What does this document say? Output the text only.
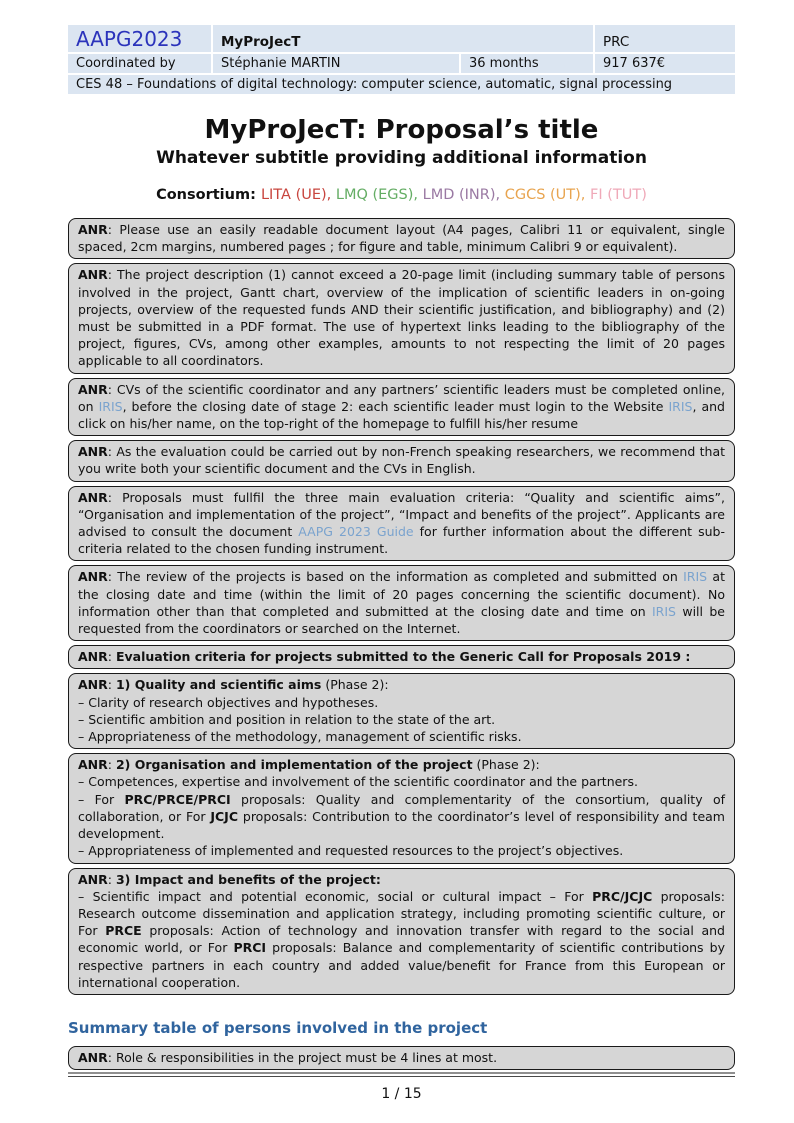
AAPG2023	MyProJecT	PRC
Coordinated by	Stéphanie MARTIN	36 months	917 637€
CES 48 – Foundations of digital technology: computer science, automatic, signal processing
MyProJecT: Proposal’s title
Whatever subtitle providing additional information
Consortium: LITA (UE), LMQ (EGS), LMD (INR), CGCS (UT), FI (TUT)
ANR: Please use an easily readable document layout (A4 pages, Calibri 11 or equivalent, single spaced, 2cm margins, numbered pages ; for figure and table, minimum Calibri 9 or equivalent).
ANR: The project description (1) cannot exceed a 20-page limit (including summary table of persons involved in the project, Gantt chart, overview of the implication of scientific leaders in on-going projects, overview of the requested funds AND their scientific justification, and bibliography) and (2) must be submitted in a PDF format. The use of hypertext links leading to the bibliography of the project, figures, CVs, among other examples, amounts to not respecting the limit of 20 pages applicable to all coordinators.
ANR: CVs of the scientific coordinator and any partners’ scientific leaders must be completed online, on IRIS, before the closing date of stage 2: each scientific leader must login to the Website IRIS, and click on his/her name, on the top-right of the homepage to fulfill his/her resume
ANR: As the evaluation could be carried out by non-French speaking researchers, we recommend that you write both your scientific document and the CVs in English.
ANR: Proposals must fullfil the three main evaluation criteria: “Quality and scientific aims”, “Organisation and implementation of the project”, “Impact and benefits of the project”. Applicants are advised to consult the document AAPG 2023 Guide for further information about the different sub-criteria related to the chosen funding instrument.
ANR: The review of the projects is based on the information as completed and submitted on IRIS at the closing date and time (within the limit of 20 pages concerning the scientific document). No information other than that completed and submitted at the closing date and time on IRIS will be requested from the coordinators or searched on the Internet.
ANR: Evaluation criteria for projects submitted to the Generic Call for Proposals 2019 :
ANR: 1) Quality and scientific aims (Phase 2):
– Clarity of research objectives and hypotheses.
– Scientific ambition and position in relation to the state of the art.
– Appropriateness of the methodology, management of scientific risks.
ANR: 2) Organisation and implementation of the project (Phase 2):
– Competences, expertise and involvement of the scientific coordinator and the partners.
– For PRC/PRCE/PRCI proposals: Quality and complementarity of the consortium, quality of collaboration, or For JCJC proposals: Contribution to the coordinator’s level of responsibility and team development.
– Appropriateness of implemented and requested resources to the project’s objectives.
ANR: 3) Impact and benefits of the project:
– Scientific impact and potential economic, social or cultural impact – For PRC/JCJC proposals: Research outcome dissemination and application strategy, including promoting scientific culture, or For PRCE proposals: Action of technology and innovation transfer with regard to the social and economic world, or For PRCI proposals: Balance and complementarity of scientific contributions by respective partners in each country and added value/benefit for France from this European or international cooperation.
Summary table of persons involved in the project
ANR: Role & responsibilities in the project must be 4 lines at most.
1 / 15
